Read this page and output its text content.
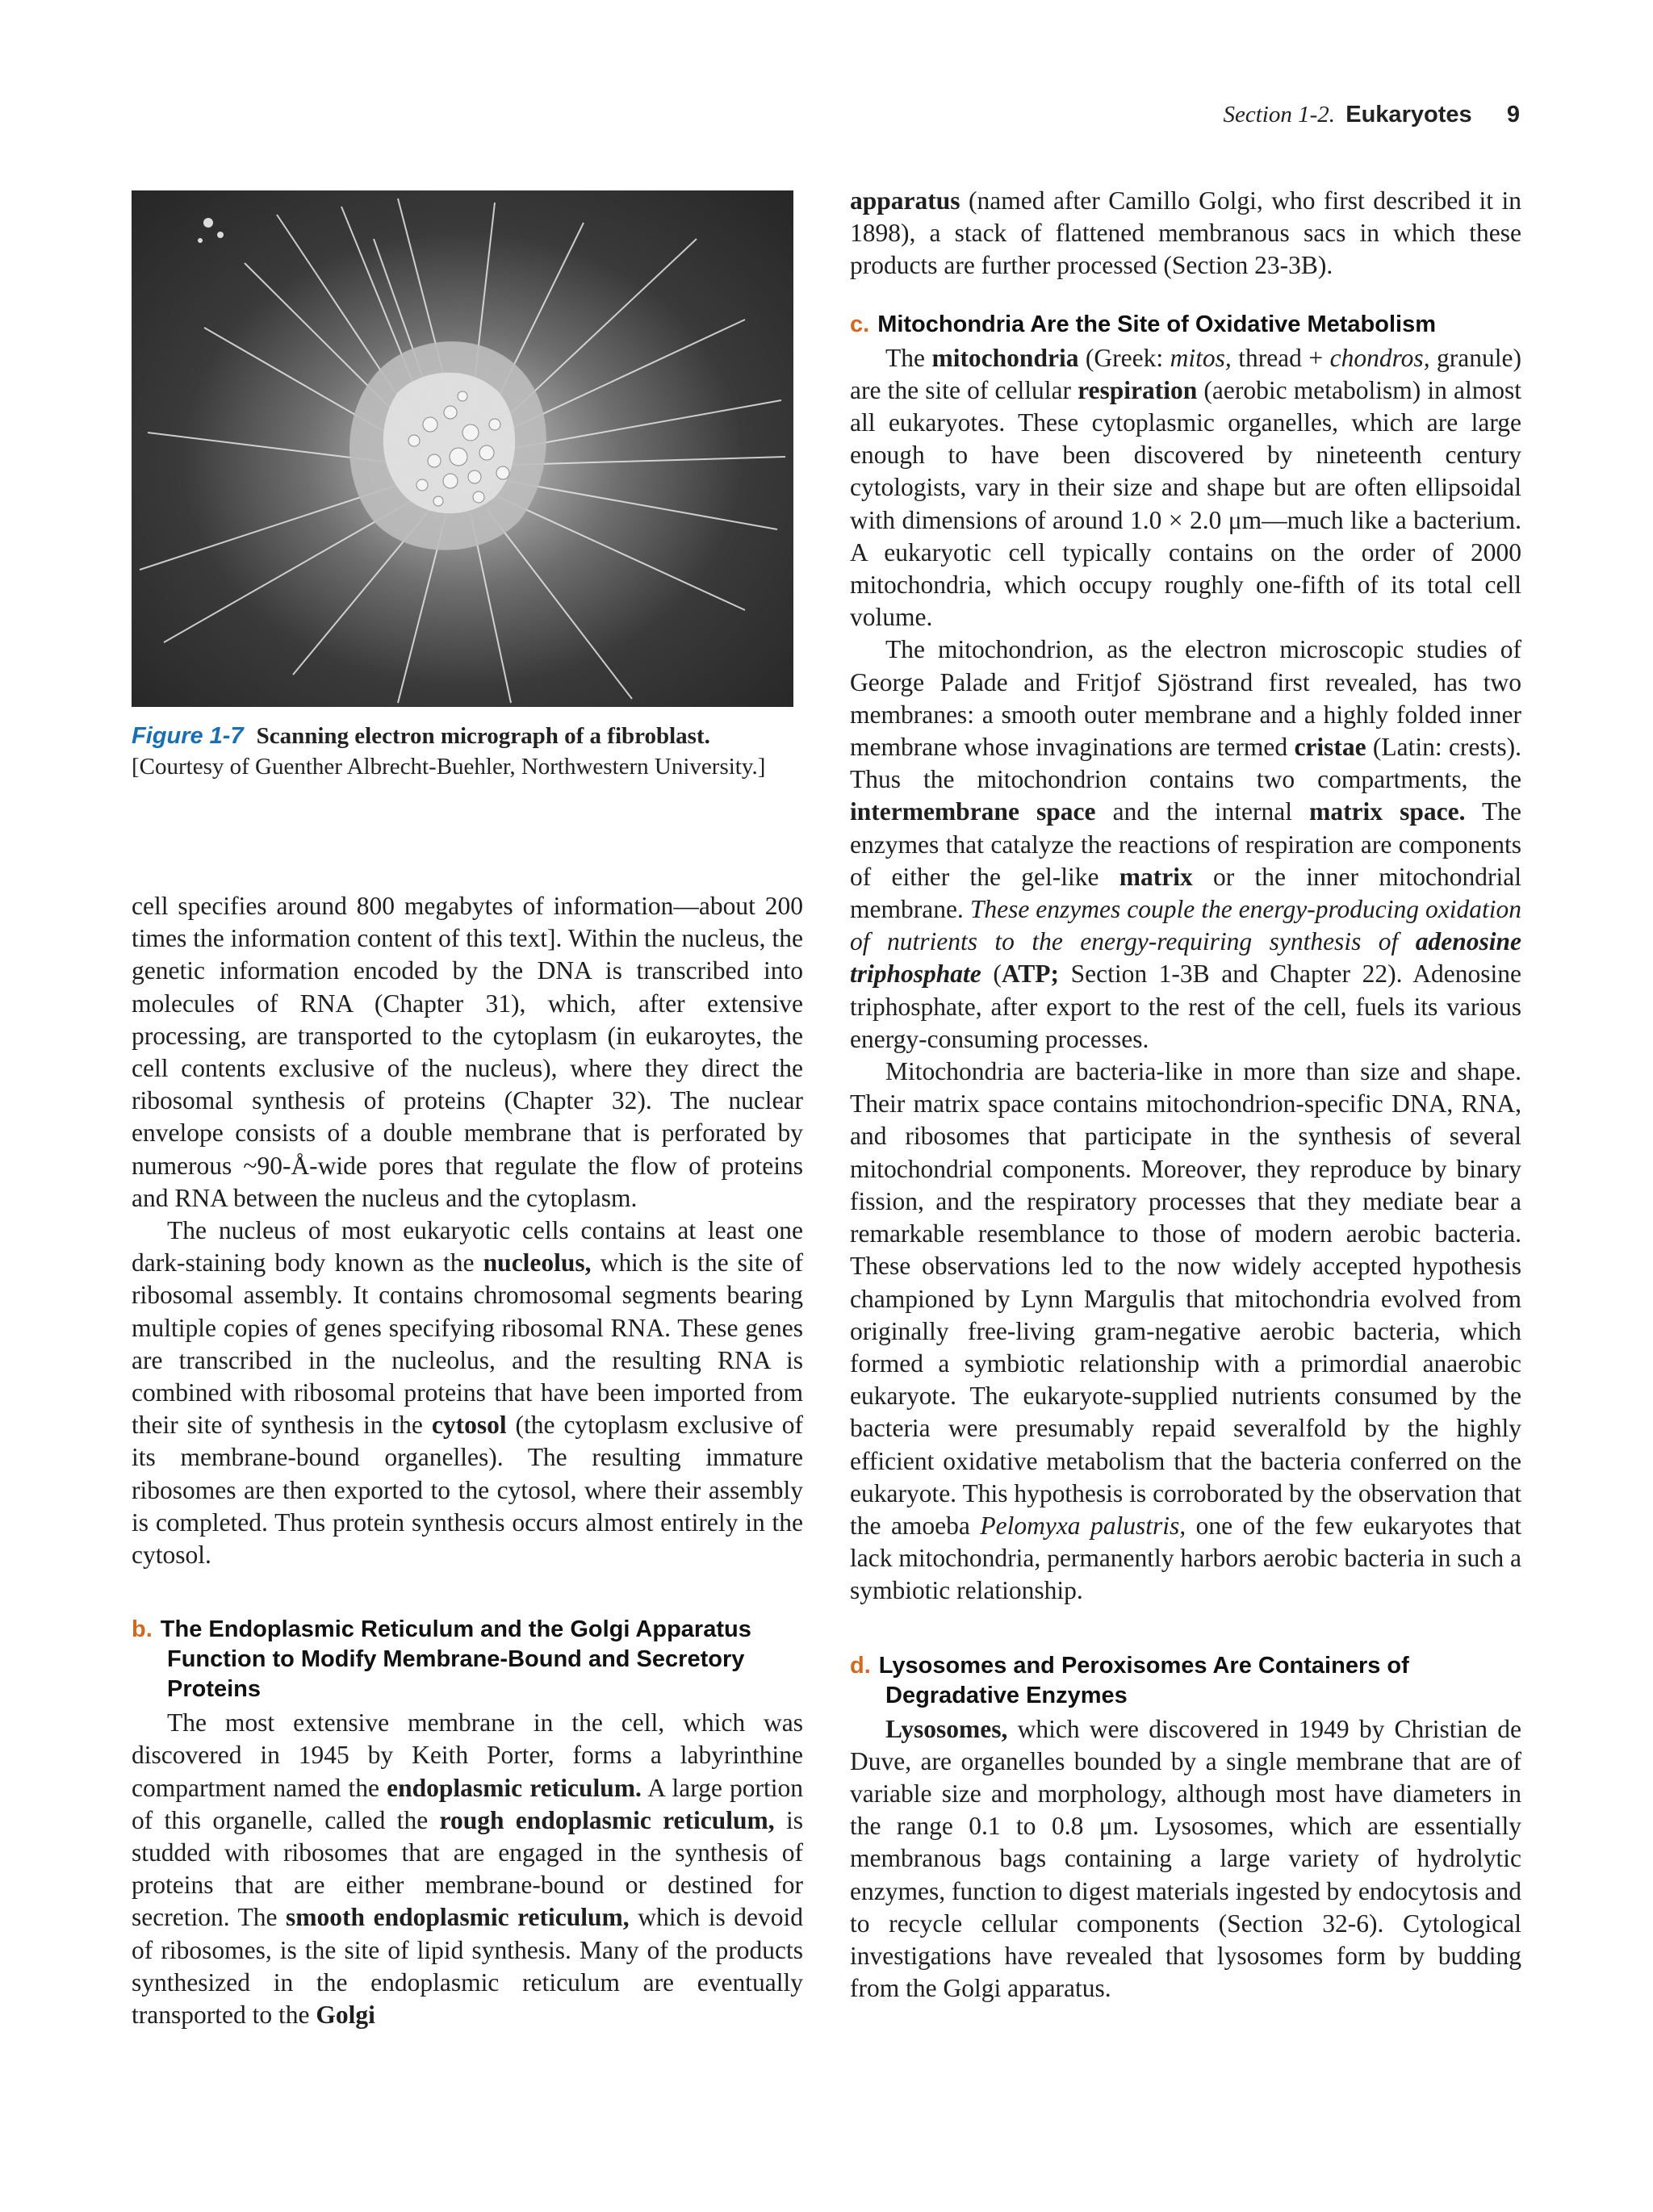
Section 1-2. Eukaryotes 9
Figure 1-7 Scanning electron micrograph of a fibroblast. [Courtesy of Guenther Albrecht-Buehler, Northwestern University.]

cell specifies around 800 megabytes of information—about 200 times the information content of this text]. Within the nucleus, the genetic information encoded by the DNA is transcribed into molecules of RNA (Chapter 31), which, after extensive processing, are transported to the cytoplasm (in eukaroytes, the cell contents exclusive of the nucleus), where they direct the ribosomal synthesis of proteins (Chapter 32). The nuclear envelope consists of a double membrane that is perforated by numerous ~90-Å-wide pores that regulate the flow of proteins and RNA between the nucleus and the cytoplasm.

The nucleus of most eukaryotic cells contains at least one dark-staining body known as the nucleolus, which is the site of ribosomal assembly. It contains chromosomal segments bearing multiple copies of genes specifying ribosomal RNA. These genes are transcribed in the nucleolus, and the resulting RNA is combined with ribosomal proteins that have been imported from their site of synthesis in the cytosol (the cytoplasm exclusive of its membrane-bound organelles). The resulting immature ribosomes are then exported to the cytosol, where their assembly is completed. Thus protein synthesis occurs almost entirely in the cytosol.

b. The Endoplasmic Reticulum and the Golgi Apparatus Function to Modify Membrane-Bound and Secretory Proteins

The most extensive membrane in the cell, which was discovered in 1945 by Keith Porter, forms a labyrinthine compartment named the endoplasmic reticulum. A large portion of this organelle, called the rough endoplasmic reticulum, is studded with ribosomes that are engaged in the synthesis of proteins that are either membrane-bound or destined for secretion. The smooth endoplasmic reticulum, which is devoid of ribosomes, is the site of lipid synthesis. Many of the products synthesized in the endoplasmic reticulum are eventually transported to the Golgi

apparatus (named after Camillo Golgi, who first described it in 1898), a stack of flattened membranous sacs in which these products are further processed (Section 23-3B).

c. Mitochondria Are the Site of Oxidative Metabolism

The mitochondria (Greek: mitos, thread + chondros, granule) are the site of cellular respiration (aerobic metabolism) in almost all eukaryotes. These cytoplasmic organelles, which are large enough to have been discovered by nineteenth century cytologists, vary in their size and shape but are often ellipsoidal with dimensions of around 1.0 × 2.0 μm—much like a bacterium. A eukaryotic cell typically contains on the order of 2000 mitochondria, which occupy roughly one-fifth of its total cell volume.

The mitochondrion, as the electron microscopic studies of George Palade and Fritjof Sjöstrand first revealed, has two membranes: a smooth outer membrane and a highly folded inner membrane whose invaginations are termed cristae (Latin: crests). Thus the mitochondrion contains two compartments, the intermembrane space and the internal matrix space. The enzymes that catalyze the reactions of respiration are components of either the gel-like matrix or the inner mitochondrial membrane. These enzymes couple the energy-producing oxidation of nutrients to the energy-requiring synthesis of adenosine triphosphate (ATP; Section 1-3B and Chapter 22). Adenosine triphosphate, after export to the rest of the cell, fuels its various energy-consuming processes.

Mitochondria are bacteria-like in more than size and shape. Their matrix space contains mitochondrion-specific DNA, RNA, and ribosomes that participate in the synthesis of several mitochondrial components. Moreover, they reproduce by binary fission, and the respiratory processes that they mediate bear a remarkable resemblance to those of modern aerobic bacteria. These observations led to the now widely accepted hypothesis championed by Lynn Margulis that mitochondria evolved from originally free-living gram-negative aerobic bacteria, which formed a symbiotic relationship with a primordial anaerobic eukaryote. The eukaryote-supplied nutrients consumed by the bacteria were presumably repaid severalfold by the highly efficient oxidative metabolism that the bacteria conferred on the eukaryote. This hypothesis is corroborated by the observation that the amoeba Pelomyxa palustris, one of the few eukaryotes that lack mitochondria, permanently harbors aerobic bacteria in such a symbiotic relationship.

d. Lysosomes and Peroxisomes Are Containers of Degradative Enzymes

Lysosomes, which were discovered in 1949 by Christian de Duve, are organelles bounded by a single membrane that are of variable size and morphology, although most have diameters in the range 0.1 to 0.8 μm. Lysosomes, which are essentially membranous bags containing a large variety of hydrolytic enzymes, function to digest materials ingested by endocytosis and to recycle cellular components (Section 32-6). Cytological investigations have revealed that lysosomes form by budding from the Golgi apparatus.
